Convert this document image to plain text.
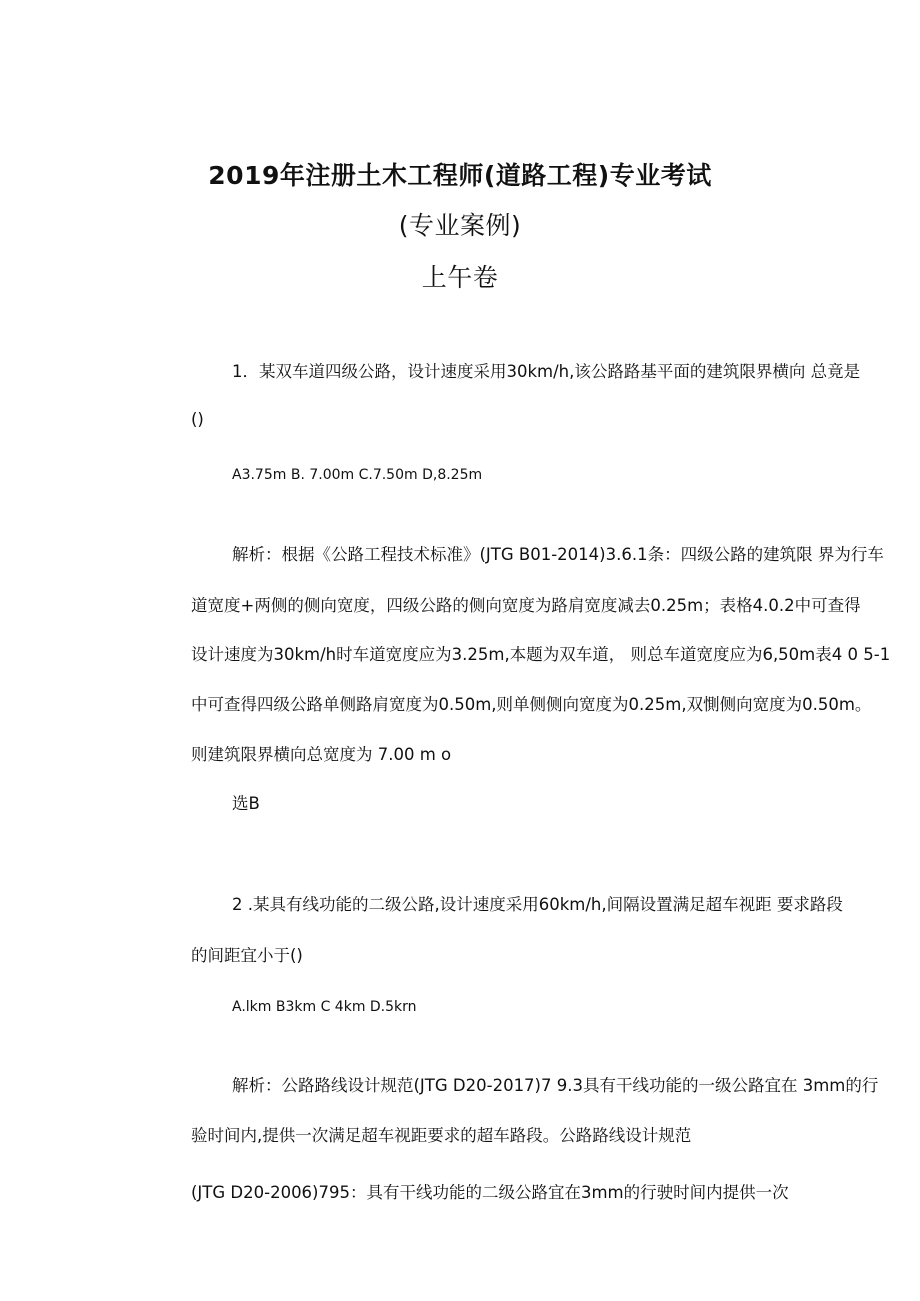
2019年注册土木工程师(道路工程)专业考试
(专业案例)
上午卷
1．某双车道四级公路，设计速度采用30km/h,该公路路基平面的建筑限界横向 总竟是
()
A3.75m B. 7.00m C.7.50m D,8.25m
解析：根据《公路工程技术标准》(JTG B01-2014)3.6.1条：四级公路的建筑限 界为行车
道宽度+两侧的侧向宽度，四级公路的侧向宽度为路肩宽度减去0.25m；表格4.0.2中可查得
设计速度为30km/h时车道宽度应为3.25m,本题为双车道， 则总车道宽度应为6,50m表4 0 5-1
中可查得四级公路单侧路肩宽度为0.50m,则单侧侧向宽度为0.25m,双惻侧向宽度为0.50m。
则建筑限界横向总宽度为 7.00 m o
选B
2 .某具有线功能的二级公路,设计速度采用60km/h,间隔设置满足超车视距 要求路段
的间距宜小于()
A.lkm B3km C 4km D.5krn
解析：公路路线设计规范(JTG D20-2017)7 9.3具有干线功能的一级公路宜在 3mm的行
验时间内,提供一次满足超车视距要求的超车路段。公路路线设计规范
(JTG D20-2006)795：具有干线功能的二级公路宜在3mm的行驶时间内提供一次
